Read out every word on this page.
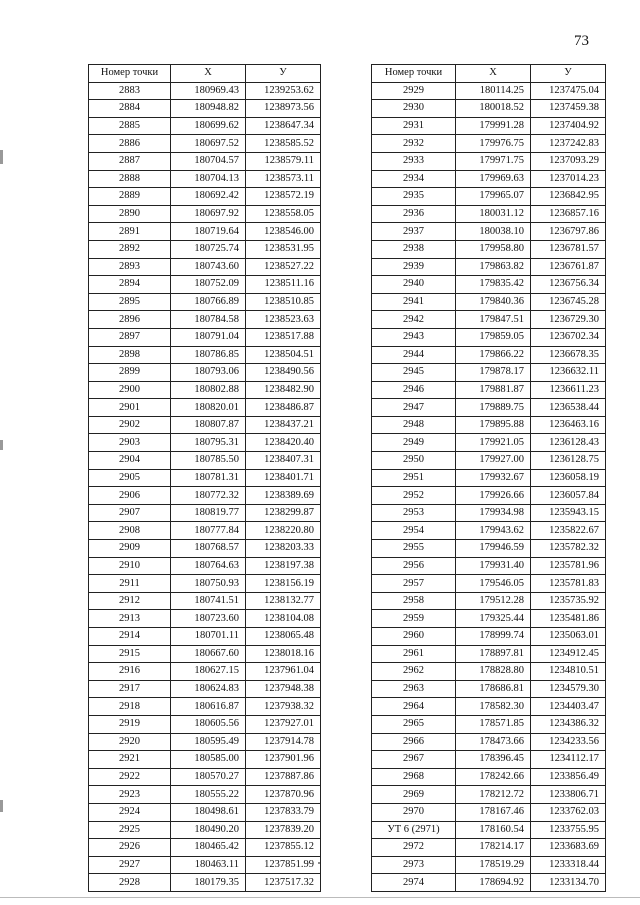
73
Номер точки	X	У
2883	180969.43	1239253.62
2884	180948.82	1238973.56
2885	180699.62	1238647.34
2886	180697.52	1238585.52
2887	180704.57	1238579.11
2888	180704.13	1238573.11
2889	180692.42	1238572.19
2890	180697.92	1238558.05
2891	180719.64	1238546.00
2892	180725.74	1238531.95
2893	180743.60	1238527.22
2894	180752.09	1238511.16
2895	180766.89	1238510.85
2896	180784.58	1238523.63
2897	180791.04	1238517.88
2898	180786.85	1238504.51
2899	180793.06	1238490.56
2900	180802.88	1238482.90
2901	180820.01	1238486.87
2902	180807.87	1238437.21
2903	180795.31	1238420.40
2904	180785.50	1238407.31
2905	180781.31	1238401.71
2906	180772.32	1238389.69
2907	180819.77	1238299.87
2908	180777.84	1238220.80
2909	180768.57	1238203.33
2910	180764.63	1238197.38
2911	180750.93	1238156.19
2912	180741.51	1238132.77
2913	180723.60	1238104.08
2914	180701.11	1238065.48
2915	180667.60	1238018.16
2916	180627.15	1237961.04
2917	180624.83	1237948.38
2918	180616.87	1237938.32
2919	180605.56	1237927.01
2920	180595.49	1237914.78
2921	180585.00	1237901.96
2922	180570.27	1237887.86
2923	180555.22	1237870.96
2924	180498.61	1237833.79
2925	180490.20	1237839.20
2926	180465.42	1237855.12
2927	180463.11	1237851.99
2928	180179.35	1237517.32
Номер точки	X	У
2929	180114.25	1237475.04
2930	180018.52	1237459.38
2931	179991.28	1237404.92
2932	179976.75	1237242.83
2933	179971.75	1237093.29
2934	179969.63	1237014.23
2935	179965.07	1236842.95
2936	180031.12	1236857.16
2937	180038.10	1236797.86
2938	179958.80	1236781.57
2939	179863.82	1236761.87
2940	179835.42	1236756.34
2941	179840.36	1236745.28
2942	179847.51	1236729.30
2943	179859.05	1236702.34
2944	179866.22	1236678.35
2945	179878.17	1236632.11
2946	179881.87	1236611.23
2947	179889.75	1236538.44
2948	179895.88	1236463.16
2949	179921.05	1236128.43
2950	179927.00	1236128.75
2951	179932.67	1236058.19
2952	179926.66	1236057.84
2953	179934.98	1235943.15
2954	179943.62	1235822.67
2955	179946.59	1235782.32
2956	179931.40	1235781.96
2957	179546.05	1235781.83
2958	179512.28	1235735.92
2959	179325.44	1235481.86
2960	178999.74	1235063.01
2961	178897.81	1234912.45
2962	178828.80	1234810.51
2963	178686.81	1234579.30
2964	178582.30	1234403.47
2965	178571.85	1234386.32
2966	178473.66	1234233.56
2967	178396.45	1234112.17
2968	178242.66	1233856.49
2969	178212.72	1233806.71
2970	178167.46	1233762.03
УТ 6 (2971)	178160.54	1233755.95
2972	178214.17	1233683.69
2973	178519.29	1233318.44
2974	178694.92	1233134.70
